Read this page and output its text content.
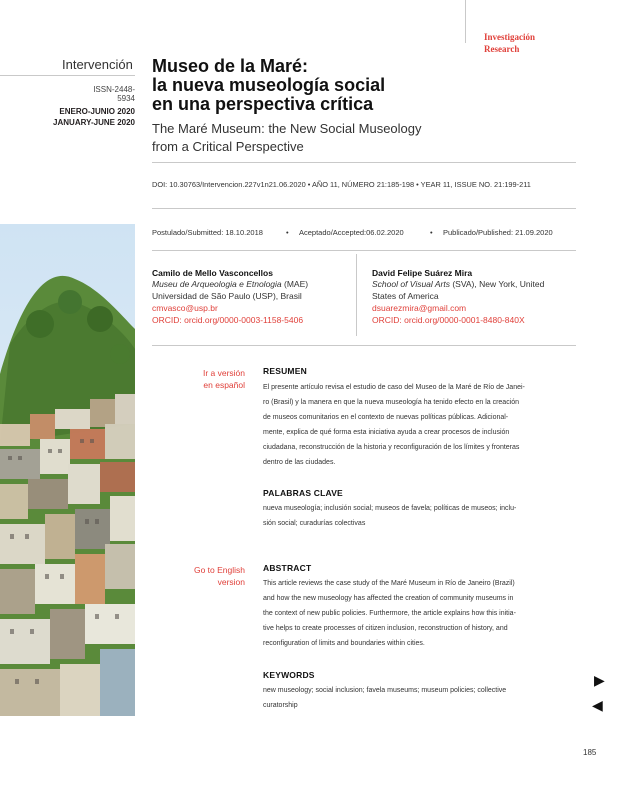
Investigación
Research
Intervención
ISSN-2448-5934
ENERO-JUNIO 2020
JANUARY-JUNE 2020
Museo de la Maré:
la nueva museología social
en una perspectiva crítica
The Maré Museum: the New Social Museology
from a Critical Perspective
DOI: 10.30763/Intervencion.227v1n21.06.2020 • AÑO 11, NÚMERO 21:185-198 • YEAR 11, ISSUE NO. 21:199-211
Postulado/Submitted: 18.10.2018	• Aceptado/Accepted:06.02.2020	• Publicado/Published: 21.09.2020
Camilo de Mello Vasconcellos
Museu de Arqueologia e Etnologia (MAE)
Universidad de São Paulo (USP), Brasil
cmvasco@usp.br
ORCID: orcid.org/0000-0003-1158-5406
David Felipe Suárez Mira
School of Visual Arts (SVA), New York, United
States of America
dsuarezmira@gmail.com
ORCID: orcid.org/0000-0001-8480-840X
Ir a versión
en español
Go to English
version
RESUMEN
El presente artículo revisa el estudio de caso del Museo de la Maré de Río de Janei-
ro (Brasil) y la manera en que la nueva museología ha tenido efecto en la creación
de museos comunitarios en el contexto de nuevas políticas públicas. Adicional-
mente, explica de qué forma esta iniciativa ayuda a crear procesos de inclusión
ciudadana, reconstrucción de la historia y reconfiguración de los límites y fronteras
dentro de las ciudades.
PALABRAS CLAVE
nueva museología; inclusión social; museos de favela; políticas de museos; inclu-
sión social; curadurías colectivas
ABSTRACT
This article reviews the case study of the Maré Museum in Río de Janeiro (Brazil)
and how the new museology has affected the creation of community museums in
the context of new public policies. Furthermore, the article explains how this initia-
tive helps to create processes of citizen inclusion, reconstruction of history, and
reconfiguration of limits and boundaries within cities.
KEYWORDS
new museology; social inclusion; favela museums; museum policies; collective
curatorship
▶
◀
185
